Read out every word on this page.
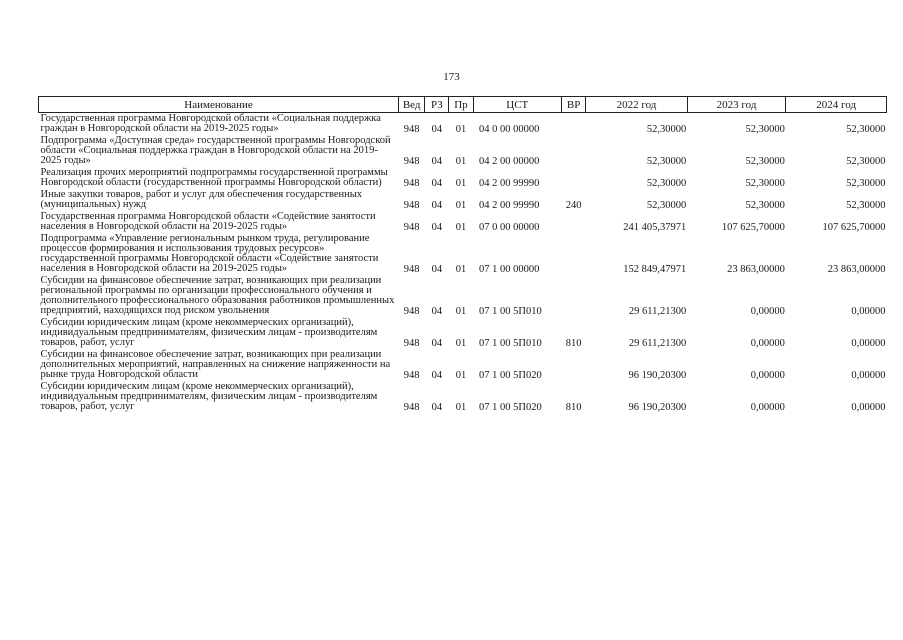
173
Наименование	Вед	РЗ	Пр	ЦСТ	ВР	2022 год	2023 год	2024 год
Государственная программа Новгородской области «Социальная поддержка граждан в Новгородской области на 2019-2025 годы»	948	04	01	04 0 00 00000		52,30000	52,30000	52,30000
Подпрограмма «Доступная среда» государственной программы Новгородской области «Социальная поддержка граждан в Новгородской области на 2019-2025 годы»	948	04	01	04 2 00 00000		52,30000	52,30000	52,30000
Реализация прочих мероприятий подпрограммы государственной программы Новгородской области (государственной программы Новгородской области)	948	04	01	04 2 00 99990		52,30000	52,30000	52,30000
Иные закупки товаров, работ и услуг для обеспечения государственных (муниципальных) нужд	948	04	01	04 2 00 99990	240	52,30000	52,30000	52,30000
Государственная программа Новгородской области «Содействие занятости населения в Новгородской области на 2019-2025 годы»	948	04	01	07 0 00 00000		241 405,37971	107 625,70000	107 625,70000
Подпрограмма «Управление региональным рынком труда, регулирование процессов формирования и использования трудовых ресурсов» государственной программы Новгородской области «Содействие занятости населения в Новгородской области на 2019-2025 годы»	948	04	01	07 1 00 00000		152 849,47971	23 863,00000	23 863,00000
Субсидии на финансовое обеспечение затрат, возникающих при реализации региональной программы по организации профессионального обучения и дополнительного профессионального образования работников промышленных предприятий, находящихся под риском увольнения	948	04	01	07 1 00 5П010		29 611,21300	0,00000	0,00000
Субсидии юридическим лицам (кроме некоммерческих организаций), индивидуальным предпринимателям, физическим лицам - производителям товаров, работ, услуг	948	04	01	07 1 00 5П010	810	29 611,21300	0,00000	0,00000
Субсидии на финансовое обеспечение затрат, возникающих при реализации дополнительных мероприятий, направленных на снижение напряженности на рынке труда Новгородской области	948	04	01	07 1 00 5П020		96 190,20300	0,00000	0,00000
Субсидии юридическим лицам (кроме некоммерческих организаций), индивидуальным предпринимателям, физическим лицам - производителям товаров, работ, услуг	948	04	01	07 1 00 5П020	810	96 190,20300	0,00000	0,00000
